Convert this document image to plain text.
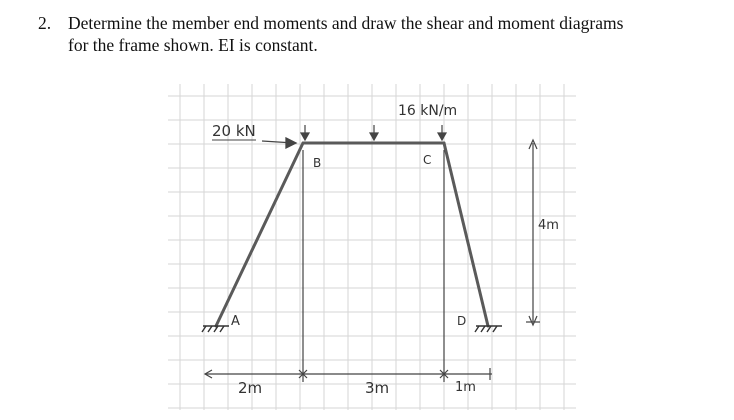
2. Determine the member end moments and draw the shear and moment diagrams
for the frame shown. EI is constant.
20 kN
16 kN/m
A
B	C
D
4m
2m	3m	1m
